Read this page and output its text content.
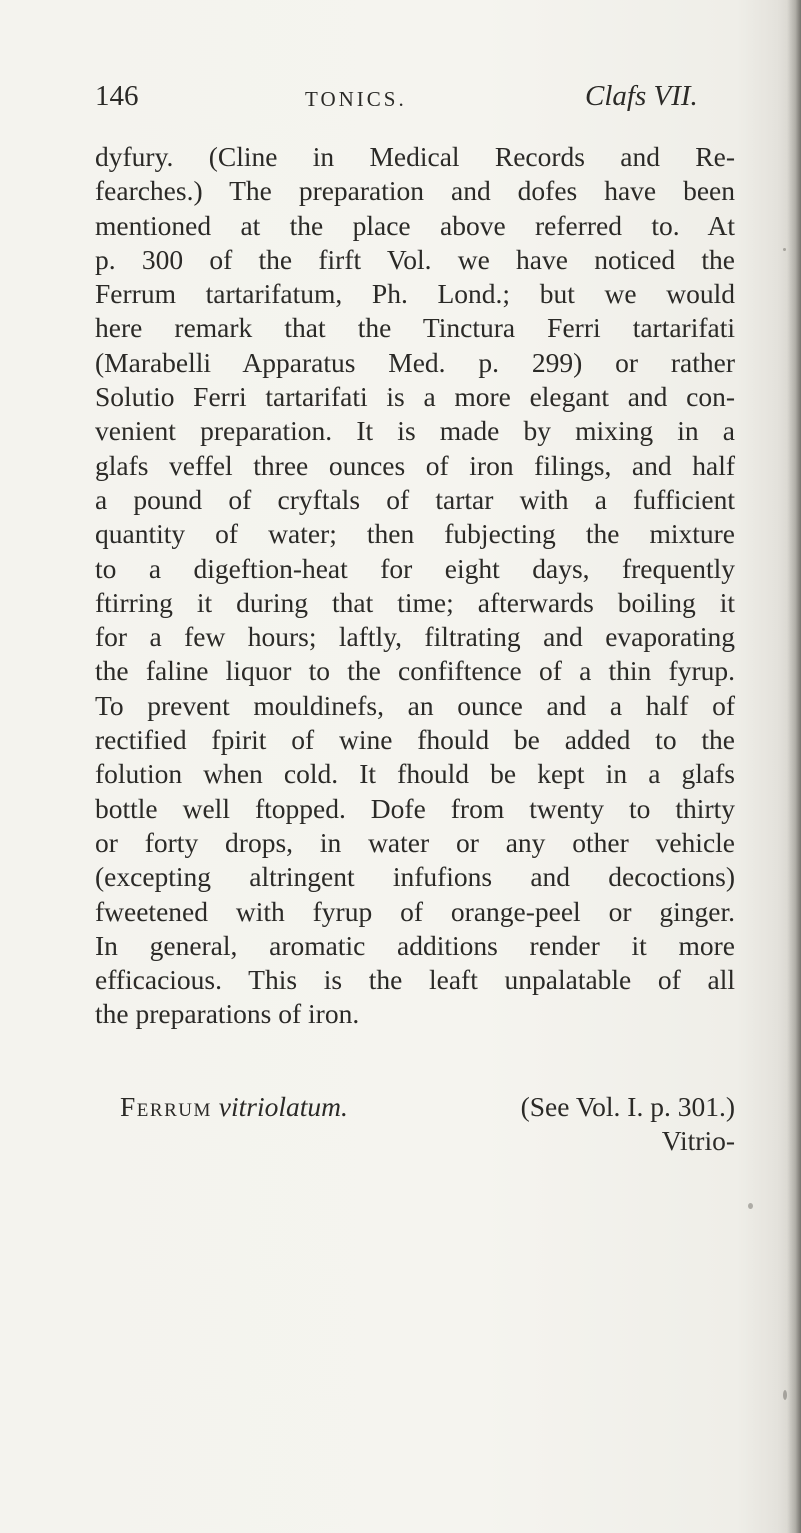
146	TONICS.	Clafs VII.
dyfury. (Cline in Medical Records and Re-
fearches.) The preparation and dofes have been
mentioned at the place above referred to. At
p. 300 of the firft Vol. we have noticed the
Ferrum tartarifatum, Ph. Lond.; but we would
here remark that the Tinctura Ferri tartarifati
(Marabelli Apparatus Med. p. 299) or rather
Solutio Ferri tartarifati is a more elegant and con-
venient preparation. It is made by mixing in a
glafs veffel three ounces of iron filings, and half
a pound of cryftals of tartar with a fufficient
quantity of water; then fubjecting the mixture
to a digeftion-heat for eight days, frequently
ftirring it during that time; afterwards boiling it
for a few hours; laftly, filtrating and evaporating
the faline liquor to the confiftence of a thin fyrup.
To prevent mouldinefs, an ounce and a half of
rectified fpirit of wine fhould be added to the
folution when cold. It fhould be kept in a glafs
bottle well ftopped. Dofe from twenty to thirty
or forty drops, in water or any other vehicle
(excepting altringent infufions and decoctions)
fweetened with fyrup of orange-peel or ginger.
In general, aromatic additions render it more
efficacious. This is the leaft unpalatable of all
the preparations of iron.
Ferrum vitriolatum.	(See Vol. I. p. 301.)
Vitrio-
